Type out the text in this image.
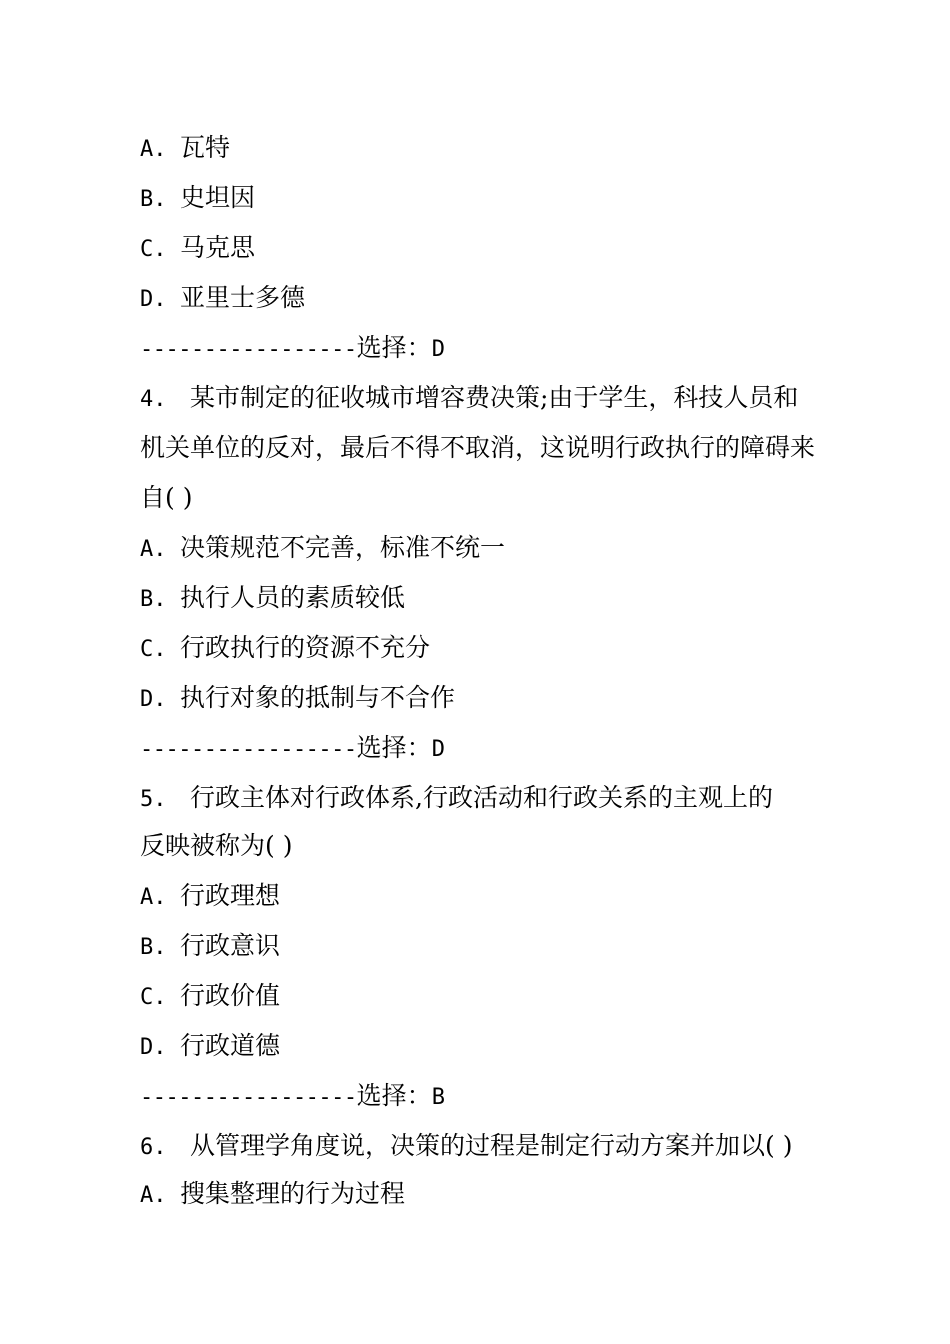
A. 瓦特
B. 史坦因
C. 马克思
D. 亚里士多德
-----------------选择：D
4. 某市制定的征收城市增容费决策;由于学生，科技人员和
机关单位的反对，最后不得不取消，这说明行政执行的障碍来
自( )
A. 决策规范不完善，标准不统一
B. 执行人员的素质较低
C. 行政执行的资源不充分
D. 执行对象的抵制与不合作
-----------------选择：D
5. 行政主体对行政体系,行政活动和行政关系的主观上的
反映被称为( )
A. 行政理想
B. 行政意识
C. 行政价值
D. 行政道德
-----------------选择：B
6. 从管理学角度说，决策的过程是制定行动方案并加以( )
A. 搜集整理的行为过程
